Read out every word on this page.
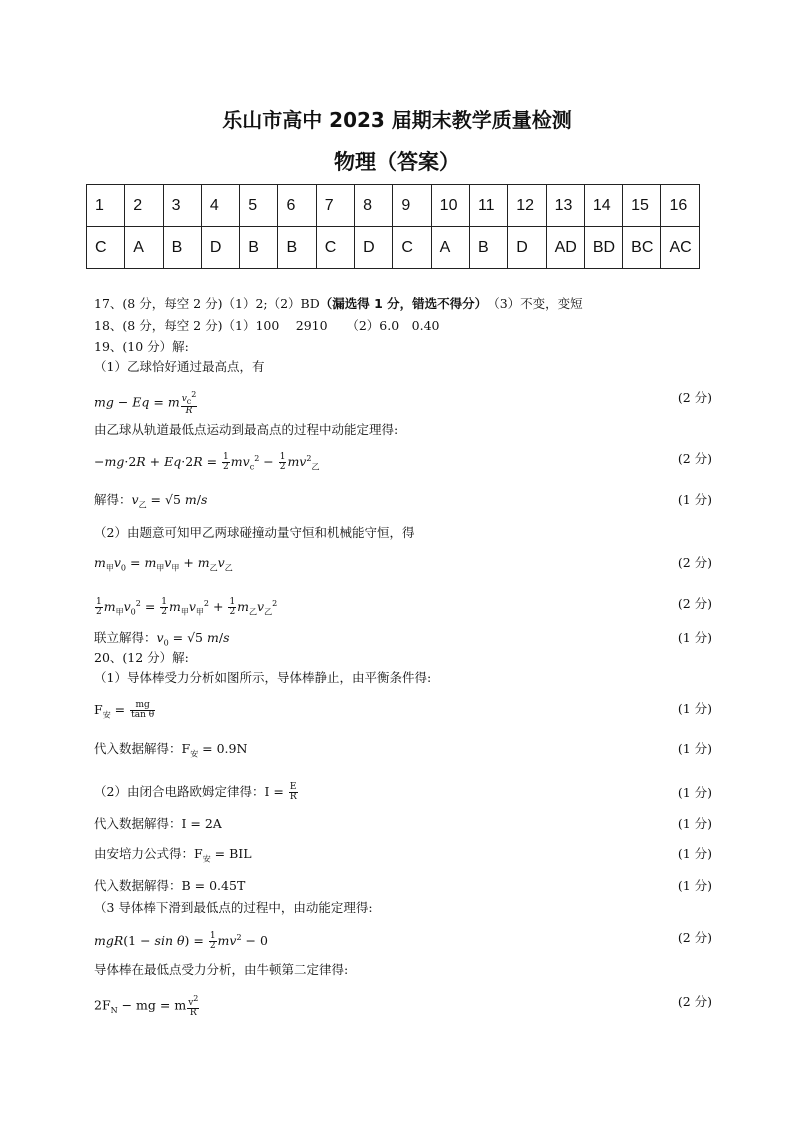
乐山市高中 2023 届期末教学质量检测
物理（答案）
1	2	3	4	5	6	7	8	9	10	11	12	13	14	15	16
C	A	B	D	B	B	C	D	C	A	B	D	AD	BD	BC	AC
17、(8 分，每空 2 分)（1）2;（2）BD（漏选得 1 分，错选不得分）　 （3）不变，变短
18、(8 分，每空 2 分)（1）100　 2910　　（2）6.0　0.40
19、(10 分）解:
（1）乙球恰好通过最高点，有
mg − Eq = m $\frac{v_c^2}{R}$	(2 分)
由乙球从轨道最低点运动到最高点的过程中动能定理得:
$-mg\cdot 2R + Eq\cdot 2R = \frac{1}{2} mv_c^2 - \frac{1}{2} mv^2_乙$
(2 分)
解得：$v_乙 = √5$ m/s	(1 分)
（2）由题意可知甲乙两球碰撞动量守恒和机械能守恒，得
$m_甲v_0 = m_甲v_甲 + m_乙v_乙$	(2 分)
$\frac{1}{2} m_甲v_0^2 = \frac{1}{2} m_甲v_甲^2 + \frac{1}{2} m_乙v_乙^2$	(2 分)
联立解得：$v_0 = √5$ m/s	(1 分)
20、(12 分）解:
（1）导体棒受力分析如图所示，导体棒静止，由平衡条件得:
$F_安 = \frac{mg}{\text{tan θ}}$	(1 分)
代入数据解得：$F_安 = 0.9N$	(1 分)
（2）由闭合电路欧姆定律得：$I = \frac{E}{R}$	(1 分)
代入数据解得：I = 2A	(1 分)
由安培力公式得：$F_安$ = BIL	(1 分)
代入数据解得：B = 0.45T	(1 分)
（3 导体棒下滑到最低点的过程中，由动能定理得:
$mgR(1 - \sin \theta) = \frac{1}{2} mv^2 - 0$	(2 分)
导体棒在最低点受力分析，由牛顿第二定律得:
$2F_N$ − mg = m $\frac{v^2}{R}$	(2 分)
